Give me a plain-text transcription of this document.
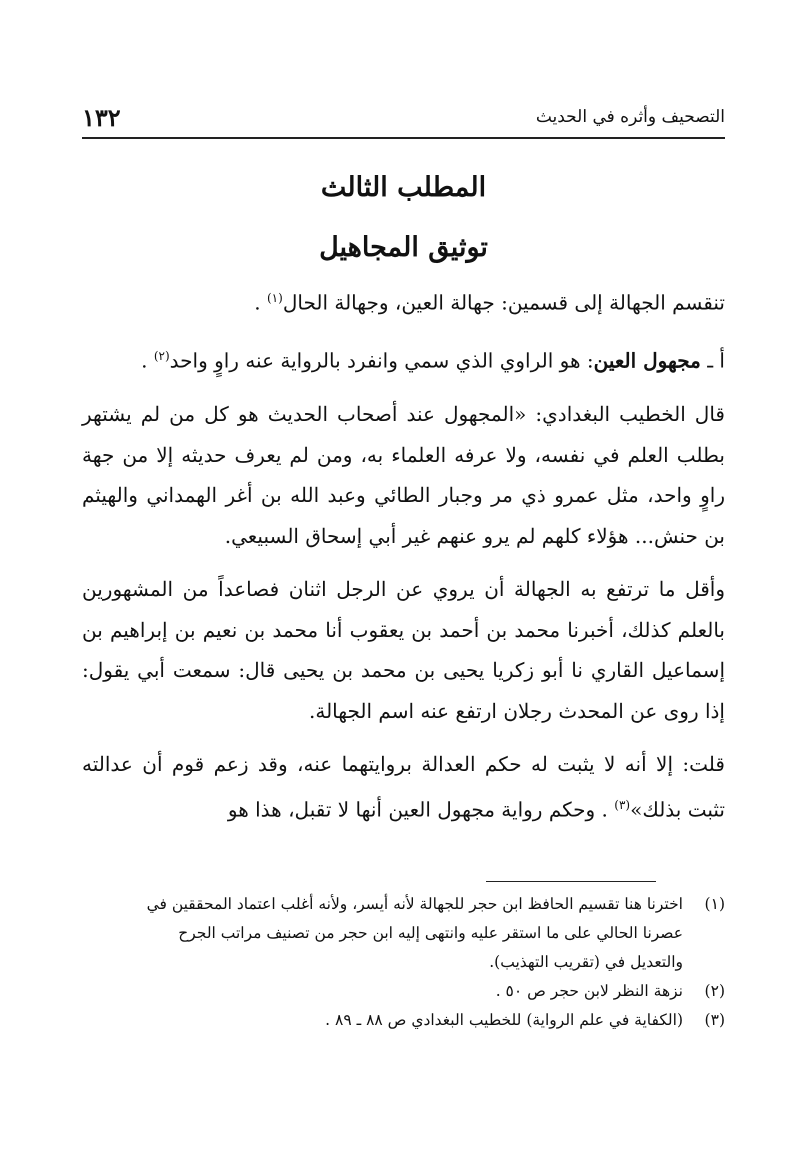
١٣٢	التصحيف وأثره في الحديث
المطلب الثالث
توثيق المجاهيل

تنقسم الجهالة إلى قسمين: جهالة العين، وجهالة الحال$^{(١)}$ .

أ ـ مجهول العين: هو الراوي الذي سمي وانفرد بالرواية عنه راوٍ واحد$^{(٢)}$ .

قال الخطيب البغدادي: «المجهول عند أصحاب الحديث هو كل من لم يشتهر بطلب العلم في نفسه، ولا عرفه العلماء به، ومن لم يعرف حديثه إلا من جهة راوٍ واحد، مثل عمرو ذي مر وجبار الطائي وعبد الله بن أغر الهمداني والهيثم بن حنش... هؤلاء كلهم لم يرو عنهم غير أبي إسحاق السبيعي.

وأقل ما ترتفع به الجهالة أن يروي عن الرجل اثنان فصاعداً من المشهورين بالعلم كذلك، أخبرنا محمد بن أحمد بن يعقوب أنا محمد بن نعيم بن إبراهيم بن إسماعيل القاري نا أبو زكريا يحيى بن محمد بن يحيى قال: سمعت أبي يقول: إذا روى عن المحدث رجلان ارتفع عنه اسم الجهالة.

قلت: إلا أنه لا يثبت له حكم العدالة بروايتهما عنه، وقد زعم قوم أن عدالته تثبت بذلك»$^{(٣)}$ . وحكم رواية مجهول العين أنها لا تقبل، هذا هو

(١)
اخترنا هنا تقسيم الحافظ ابن حجر للجهالة لأنه أيسر، ولأنه أغلب اعتماد المحققين في
عصرنا الحالي على ما استقر عليه وانتهى إليه ابن حجر من تصنيف مراتب الجرح
والتعديل في (تقريب التهذيب).
(٢)
نزهة النظر لابن حجر ص ٥٠ .
(٣)
(الكفاية في علم الرواية) للخطيب البغدادي ص ٨٨ ـ ٨٩ .
